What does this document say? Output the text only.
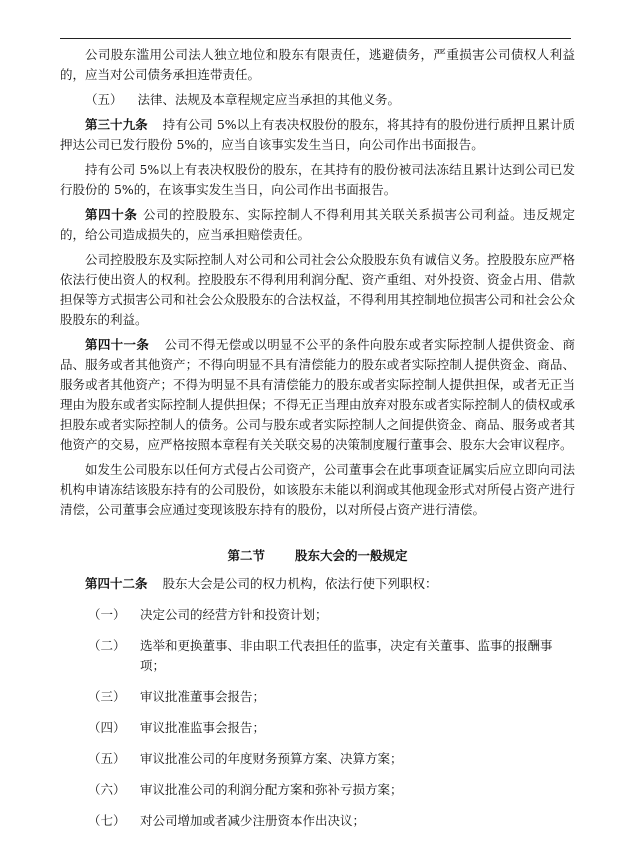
公司股东滥用公司法人独立地位和股东有限责任，逃避债务，严重损害公司债权人利益的，应当对公司债务承担连带责任。

（五） 法律、法规及本章程规定应当承担的其他义务。

第三十九条 持有公司 5%以上有表决权股份的股东，将其持有的股份进行质押且累计质押达公司已发行股份 5%的，应当自该事实发生当日，向公司作出书面报告。

持有公司 5%以上有表决权股份的股东，在其持有的股份被司法冻结且累计达到公司已发行股份的 5%的，在该事实发生当日，向公司作出书面报告。

第四十条 公司的控股股东、实际控制人不得利用其关联关系损害公司利益。违反规定的，给公司造成损失的，应当承担赔偿责任。

公司控股股东及实际控制人对公司和公司社会公众股股东负有诚信义务。控股股东应严格依法行使出资人的权利。控股股东不得利用利润分配、资产重组、对外投资、资金占用、借款担保等方式损害公司和社会公众股股东的合法权益，不得利用其控制地位损害公司和社会公众股股东的利益。

第四十一条 公司不得无偿或以明显不公平的条件向股东或者实际控制人提供资金、商品、服务或者其他资产；不得向明显不具有清偿能力的股东或者实际控制人提供资金、商品、服务或者其他资产；不得为明显不具有清偿能力的股东或者实际控制人提供担保，或者无正当理由为股东或者实际控制人提供担保；不得无正当理由放弃对股东或者实际控制人的债权或承担股东或者实际控制人的债务。公司与股东或者实际控制人之间提供资金、商品、服务或者其他资产的交易，应严格按照本章程有关关联交易的决策制度履行董事会、股东大会审议程序。

如发生公司股东以任何方式侵占公司资产，公司董事会在此事项查证属实后应立即向司法机构申请冻结该股东持有的公司股份，如该股东未能以利润或其他现金形式对所侵占资产进行清偿，公司董事会应通过变现该股东持有的股份，以对所侵占资产进行清偿。

第二节 股东大会的一般规定

第四十二条 股东大会是公司的权力机构，依法行使下列职权：

（一）	决定公司的经营方针和投资计划；
（二）	选举和更换董事、非由职工代表担任的监事，决定有关董事、监事的报酬事项；
（三）	审议批准董事会报告；
（四）	审议批准监事会报告；
（五）	审议批准公司的年度财务预算方案、决算方案；
（六）	审议批准公司的利润分配方案和弥补亏损方案；
（七）	对公司增加或者减少注册资本作出决议；
